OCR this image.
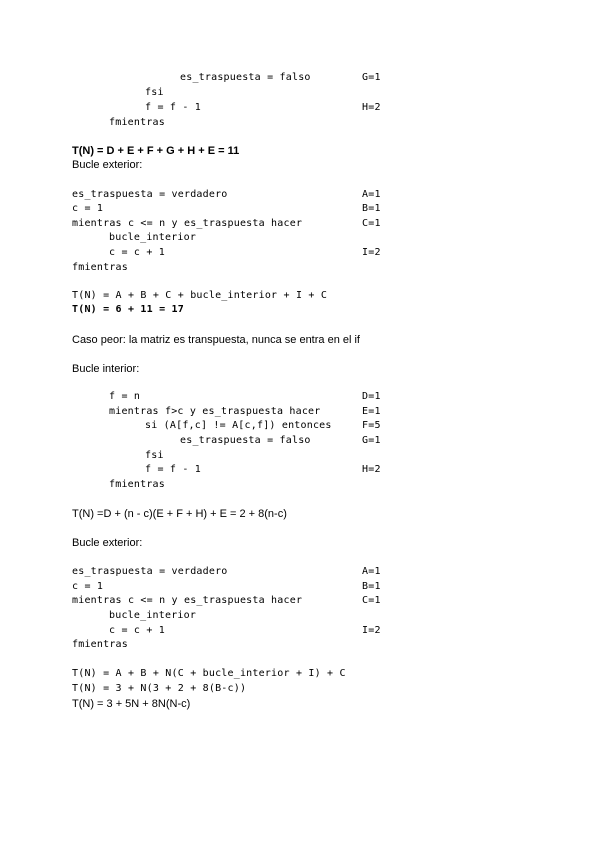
es_traspuesta = falso	G=1
fsi
f = f - 1	H=2
fmientras
T(N) = D + E + F + G + H + E = 11
Bucle exterior:
es_traspuesta = verdadero	A=1
c = 1	B=1
mientras c <= n y es_traspuesta hacer	C=1
bucle_interior
c = c + 1	I=2
fmientras
T(N) = A + B + C + bucle_interior + I + C
T(N) = 6 + 11 = 17
Caso peor: la matriz es transpuesta, nunca se entra en el if
Bucle interior:
f = n	D=1
mientras f>c y es_traspuesta hacer	E=1
si (A[f,c] != A[c,f]) entonces	F=5
es_traspuesta = falso	G=1
fsi
f = f - 1	H=2
fmientras
T(N) =D + (n - c)(E + F + H) + E = 2 + 8(n-c)
Bucle exterior:
es_traspuesta = verdadero	A=1
c = 1	B=1
mientras c <= n y es_traspuesta hacer	C=1
bucle_interior
c = c + 1	I=2
fmientras
T(N) = A + B + N(C + bucle_interior + I) + C
T(N) = 3 + N(3 + 2 + 8(B-c))
T(N) = 3 + 5N + 8N(N-c)
